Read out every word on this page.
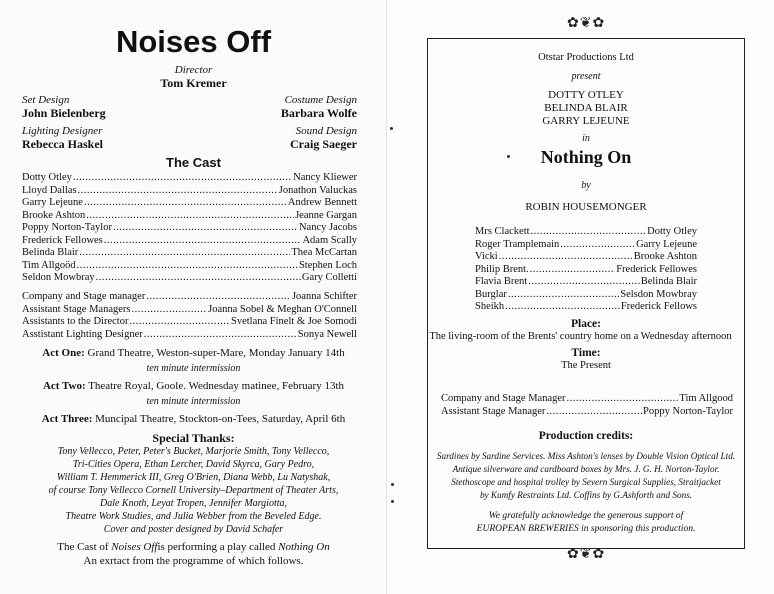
Noises Off
Director
Tom Kremer
Set Design
John Bielenberg
Costume Design
Barbara Wolfe
Lighting Designer
Rebecca Haskel
Sound Design
Craig Saeger
The Cast
Dotty Otley .....	Nancy Kliewer
Lloyd Dallas .....	Jonathon Valuckas
Garry Lejeune .....	Andrew Bennett
Brooke Ashton .....	Jeanne Gargan
Poppy Norton-Taylor .....	Nancy Jacobs
Frederick Fellowes .....	Adam Scally
Belinda Blair .....	Thea McCartan
Tim Allgoöd .....	Stephen Loch
Seldon Mowbray .....	Gary Colletti
Company and Stage manager .....	Joanna Schifter
Assistant Stage Managers .....	Joanna Sobel & Meghan O'Connell
Assistants to the Director .....	Svetlana Finelt & Joe Somodi
Asstistant Lighting Designer .....	Sonya Newell
Act One: Grand Theatre, Weston-super-Mare, Monday January 14th
ten minute intermission
Act Two: Theatre Royal, Goole. Wednesday matinee, February 13th
ten minute intermission
Act Three: Muncipal Theatre, Stockton-on-Tees, Saturday, April 6th
Special Thanks:
Tony Vellecco, Peter, Peter's Bucket, Marjorie Smith, Tony Vellecco,
Tri-Cities Opera, Ethan Lercher, David Skyrca, Gary Pedro,
William T. Hemmerick III, Greg O'Brien, Diana Webb, Lu Natyshak,
of course Tony Vellecco Cornell University–Department of Theater Arts,
Dale Knoth, Leyat Tropen, Jennifer Margiotta,
Theatre Work Studies, and Julia Webber from the Beveled Edge.
Cover and poster designed by David Schafer
The Cast of Noises Offis performing a play called Nothing On
An exrtact from the programme of which follows.
✿❦✿
Otstar Productions Ltd
present
DOTTY OTLEY
BELINDA BLAIR
GARRY LEJEUNE
in
Nothing On
by
ROBIN HOUSEMONGER
Mrs Clackett .....	Dotty Otley
Roger Tramplemain .....	Garry Lejeune
Vicki .....	Brooke Ashton
Philip Brent. .....	Frederick Fellowes
Flavia Brent .....	Belinda Blair
Burglar .....	Selsdon Mowbray
Sheikh .....	Frederick Fellows
Place:
The living-room of the Brents' country home on a Wednesday afternoon
Time:
The Present
Company and Stage Manager .....	Tim Allgood
Assistant Stage Manager .....	Poppy Norton-Taylor
Production credits:
Sardines by Sardine Services. Miss Ashton's lenses by Double Vision Optical Ltd.
Antique silverware and cardboard boxes by Mrs. J. G. H. Norton-Taylor.
Stethoscope and hospital trolley by Severn Surgical Supplies, Straitjacket
by Kumfy Restraints Ltd. Coffins by G.Ashforth and Sons.
We gratefully acknowledge the generous support of
EUROPEAN BREWERIES in sponsoring this production.
✿❦✿
